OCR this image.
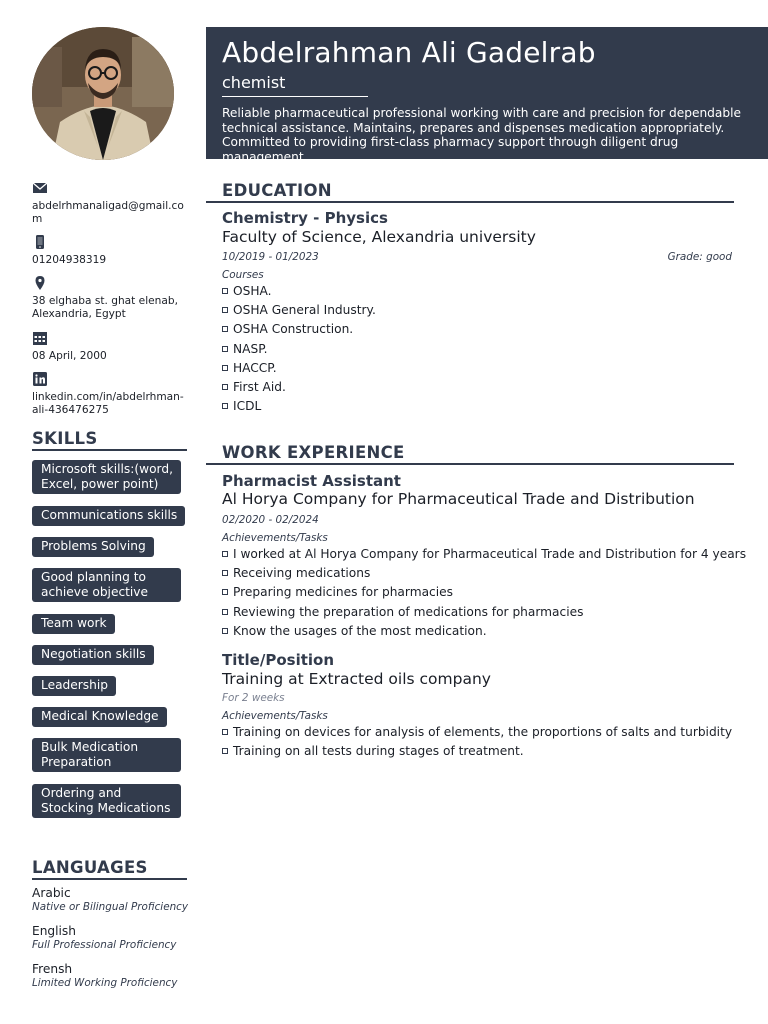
Abdelrahman Ali Gadelrab
chemist
Reliable pharmaceutical professional working with care and precision for dependable technical assistance. Maintains, prepares and dispenses medication appropriately. Committed to providing first-class pharmacy support through diligent drug management.
abdelrhmanaligad@gmail.com
01204938319
38 elghaba st. ghat elenab, Alexandria, Egypt
08 April, 2000
linkedin.com/in/abdelrhman-ali-436476275
SKILLS
Microsoft skills:(word, Excel, power point)
Communications skills
Problems Solving
Good planning to achieve objective
Team work
Negotiation skills
Leadership
Medical Knowledge
Bulk Medication Preparation
Ordering and Stocking Medications
LANGUAGES
Arabic
Native or Bilingual Proficiency
English
Full Professional Proficiency
Frensh
Limited Working Proficiency
EDUCATION
Chemistry - Physics
Faculty of Science, Alexandria university
10/2019 - 01/2023	Grade: good
Courses
OSHA.
OSHA General Industry.
OSHA Construction.
NASP.
HACCP.
First Aid.
ICDL
WORK EXPERIENCE
Pharmacist Assistant
Al Horya Company for Pharmaceutical Trade and Distribution
02/2020 - 02/2024
Achievements/Tasks
I worked at Al Horya Company for Pharmaceutical Trade and Distribution for 4 years
Receiving medications
Preparing medicines for pharmacies
Reviewing the preparation of medications for pharmacies
Know the usages of the most medication.
Title/Position
Training at Extracted oils company
For 2 weeks
Achievements/Tasks
Training on devices for analysis of elements, the proportions of salts and turbidity
Training on all tests during stages of treatment.
